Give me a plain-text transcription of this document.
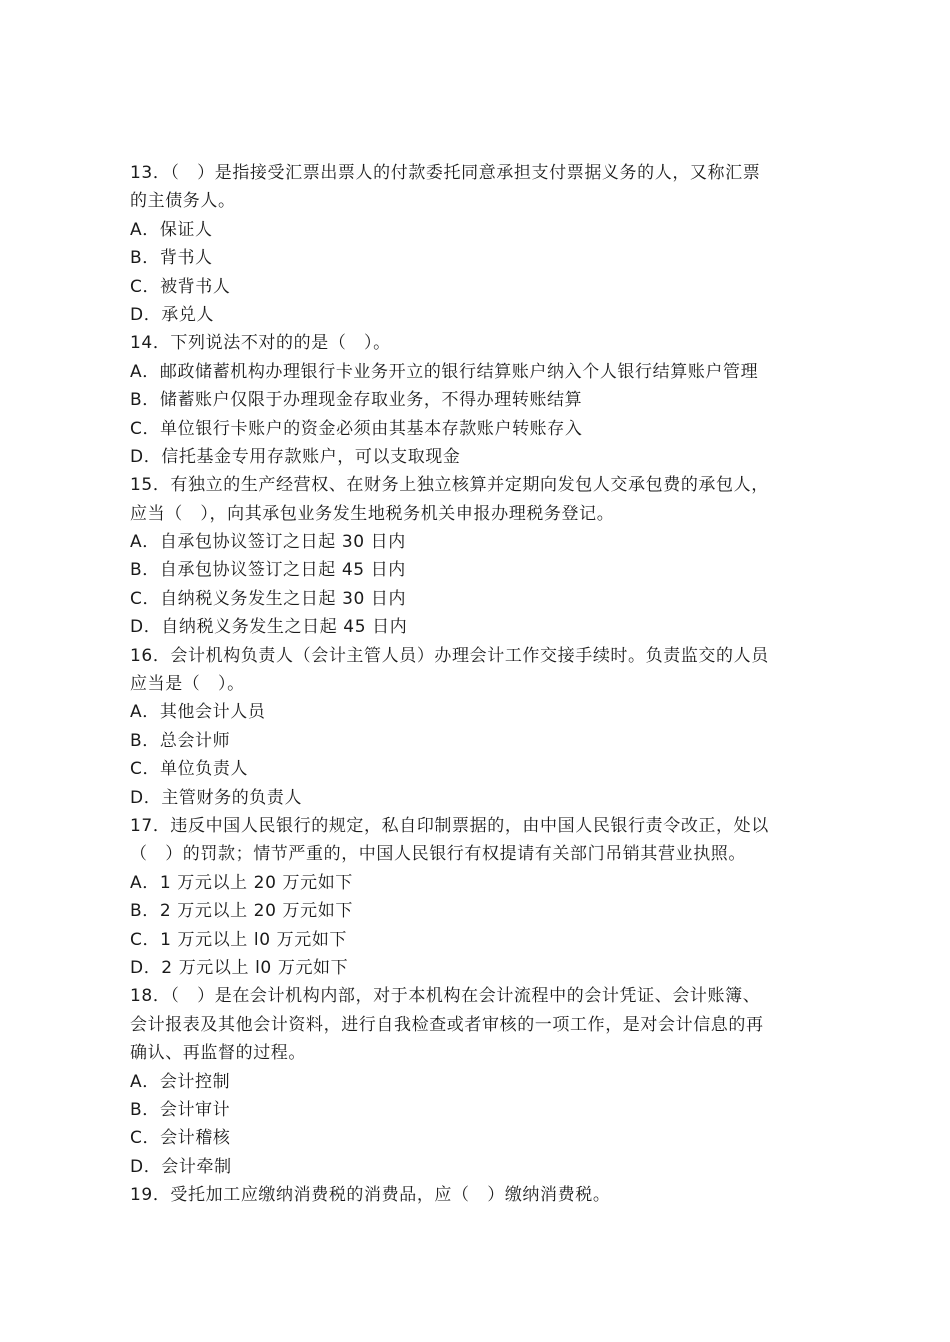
13．（　）是指接受汇票出票人的付款委托同意承担支付票据义务的人，又称汇票
的主债务人。
A．保证人
B．背书人
C．被背书人
D．承兑人
14．下列说法不对的的是（　）。
A．邮政储蓄机构办理银行卡业务开立的银行结算账户纳入个人银行结算账户管理
B．储蓄账户仅限于办理现金存取业务，不得办理转账结算
C．单位银行卡账户的资金必须由其基本存款账户转账存入
D．信托基金专用存款账户，可以支取现金
15．有独立的生产经营权、在财务上独立核算并定期向发包人交承包费的承包人，
应当（　），向其承包业务发生地税务机关申报办理税务登记。
A．自承包协议签订之日起 30 日内
B．自承包协议签订之日起 45 日内
C．自纳税义务发生之日起 30 日内
D．自纳税义务发生之日起 45 日内
16．会计机构负责人（会计主管人员）办理会计工作交接手续时。负责监交的人员
应当是（　）。
A．其他会计人员
B．总会计师
C．单位负责人
D．主管财务的负责人
17．违反中国人民银行的规定，私自印制票据的，由中国人民银行责令改正，处以
（　）的罚款；情节严重的，中国人民银行有权提请有关部门吊销其营业执照。
A．1 万元以上 20 万元如下
B．2 万元以上 20 万元如下
C．1 万元以上 l0 万元如下
D．2 万元以上 l0 万元如下
18．（　）是在会计机构内部，对于本机构在会计流程中的会计凭证、会计账簿、
会计报表及其他会计资料，进行自我检查或者审核的一项工作，是对会计信息的再
确认、再监督的过程。
A．会计控制
B．会计审计
C．会计稽核
D．会计牵制
19．受托加工应缴纳消费税的消费品，应（　）缴纳消费税。
